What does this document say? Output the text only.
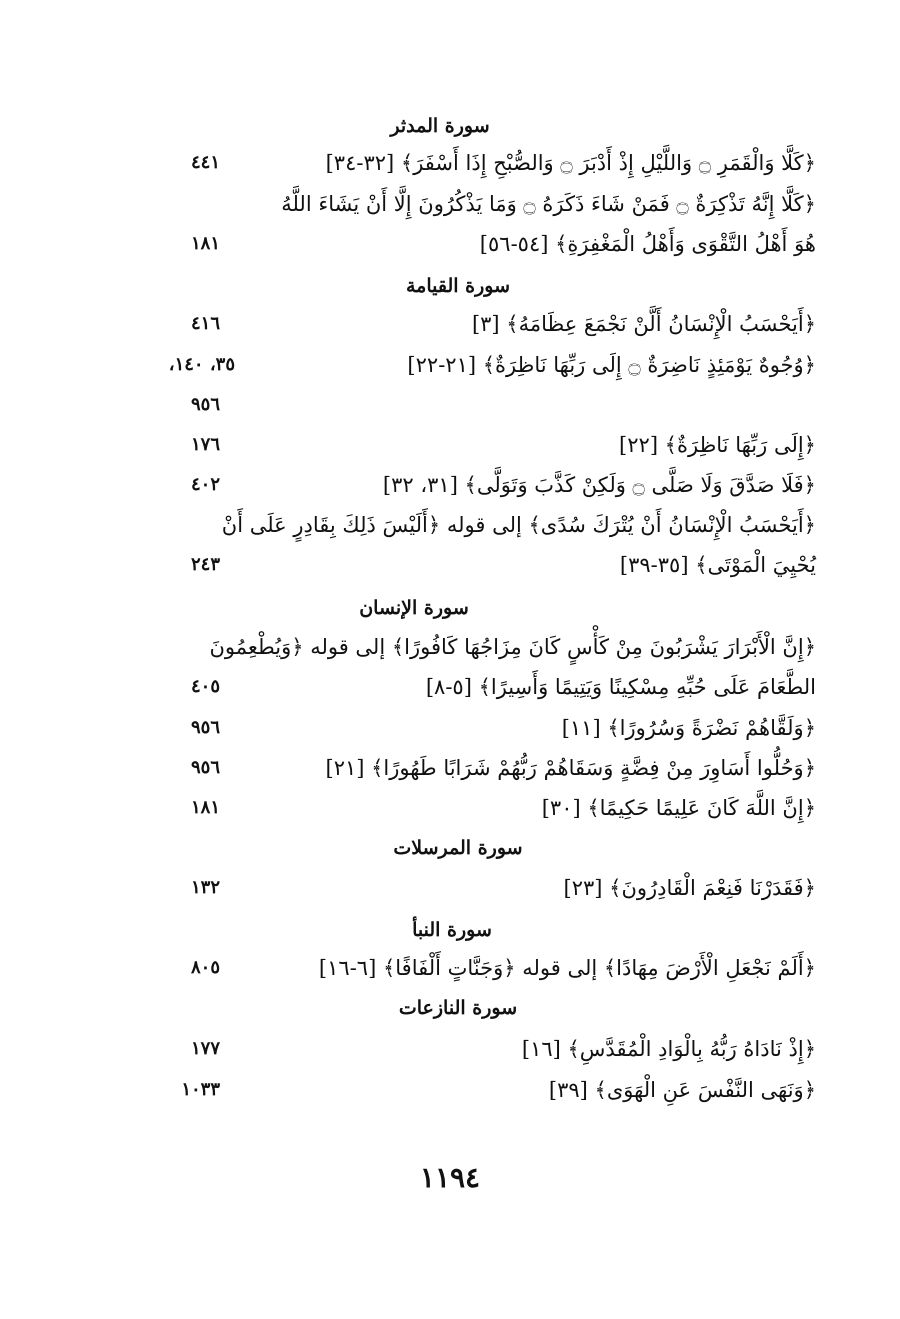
سورة المدثر
﴿كَلَّا وَالْقَمَرِ ۝ وَاللَّيْلِ إِذْ أَدْبَرَ ۝ وَالصُّبْحِ إِذَا أَسْفَرَ﴾ [٣٢-٣٤]
٤٤١
﴿كَلَّا إِنَّهُ تَذْكِرَةٌ ۝ فَمَنْ شَاءَ ذَكَرَهُ ۝ وَمَا يَذْكُرُونَ إِلَّا أَنْ يَشَاءَ اللَّهُ
هُوَ أَهْلُ التَّقْوَى وَأَهْلُ الْمَغْفِرَةِ﴾ [٥٤-٥٦]
١٨١
سورة القيامة
﴿أَيَحْسَبُ الْإِنْسَانُ أَلَّنْ نَجْمَعَ عِظَامَهُ﴾ [٣]
٤١٦
﴿وُجُوهٌ يَوْمَئِذٍ نَاضِرَةٌ ۝ إِلَى رَبِّهَا نَاظِرَةٌ﴾ [٢١-٢٢]
٣٥، ١٤٠،
٩٥٦
﴿إِلَى رَبِّهَا نَاظِرَةٌ﴾ [٢٢]
١٧٦
﴿فَلَا صَدَّقَ وَلَا صَلَّى ۝ وَلَكِنْ كَذَّبَ وَتَوَلَّى﴾ [٣١، ٣٢]
٤٠٢
﴿أَيَحْسَبُ الْإِنْسَانُ أَنْ يُتْرَكَ سُدًى﴾ إلى قوله ﴿أَلَيْسَ ذَلِكَ بِقَادِرٍ عَلَى أَنْ
يُحْيِيَ الْمَوْتَى﴾ [٣٥-٣٩]
٢٤٣
سورة الإنسان
﴿إِنَّ الْأَبْرَارَ يَشْرَبُونَ مِنْ كَأْسٍ كَانَ مِزَاجُهَا كَافُورًا﴾ إلى قوله ﴿وَيُطْعِمُونَ
الطَّعَامَ عَلَى حُبِّهِ مِسْكِينًا وَيَتِيمًا وَأَسِيرًا﴾ [٥-٨]
٤٠٥
﴿وَلَقَّاهُمْ نَضْرَةً وَسُرُورًا﴾ [١١]
٩٥٦
﴿وَحُلُّوا أَسَاوِرَ مِنْ فِضَّةٍ وَسَقَاهُمْ رَبُّهُمْ شَرَابًا طَهُورًا﴾ [٢١]
٩٥٦
﴿إِنَّ اللَّهَ كَانَ عَلِيمًا حَكِيمًا﴾ [٣٠]
١٨١
سورة المرسلات
﴿فَقَدَرْنَا فَنِعْمَ الْقَادِرُونَ﴾ [٢٣]
١٣٢
سورة النبأ
﴿أَلَمْ نَجْعَلِ الْأَرْضَ مِهَادًا﴾ إلى قوله ﴿وَجَنَّاتٍ أَلْفَافًا﴾ [٦-١٦]
٨٠٥
سورة النازعات
﴿إِذْ نَادَاهُ رَبُّهُ بِالْوَادِ الْمُقَدَّسِ﴾ [١٦]
١٧٧
﴿وَنَهَى النَّفْسَ عَنِ الْهَوَى﴾ [٣٩]
١٠٣٣
١١٩٤
